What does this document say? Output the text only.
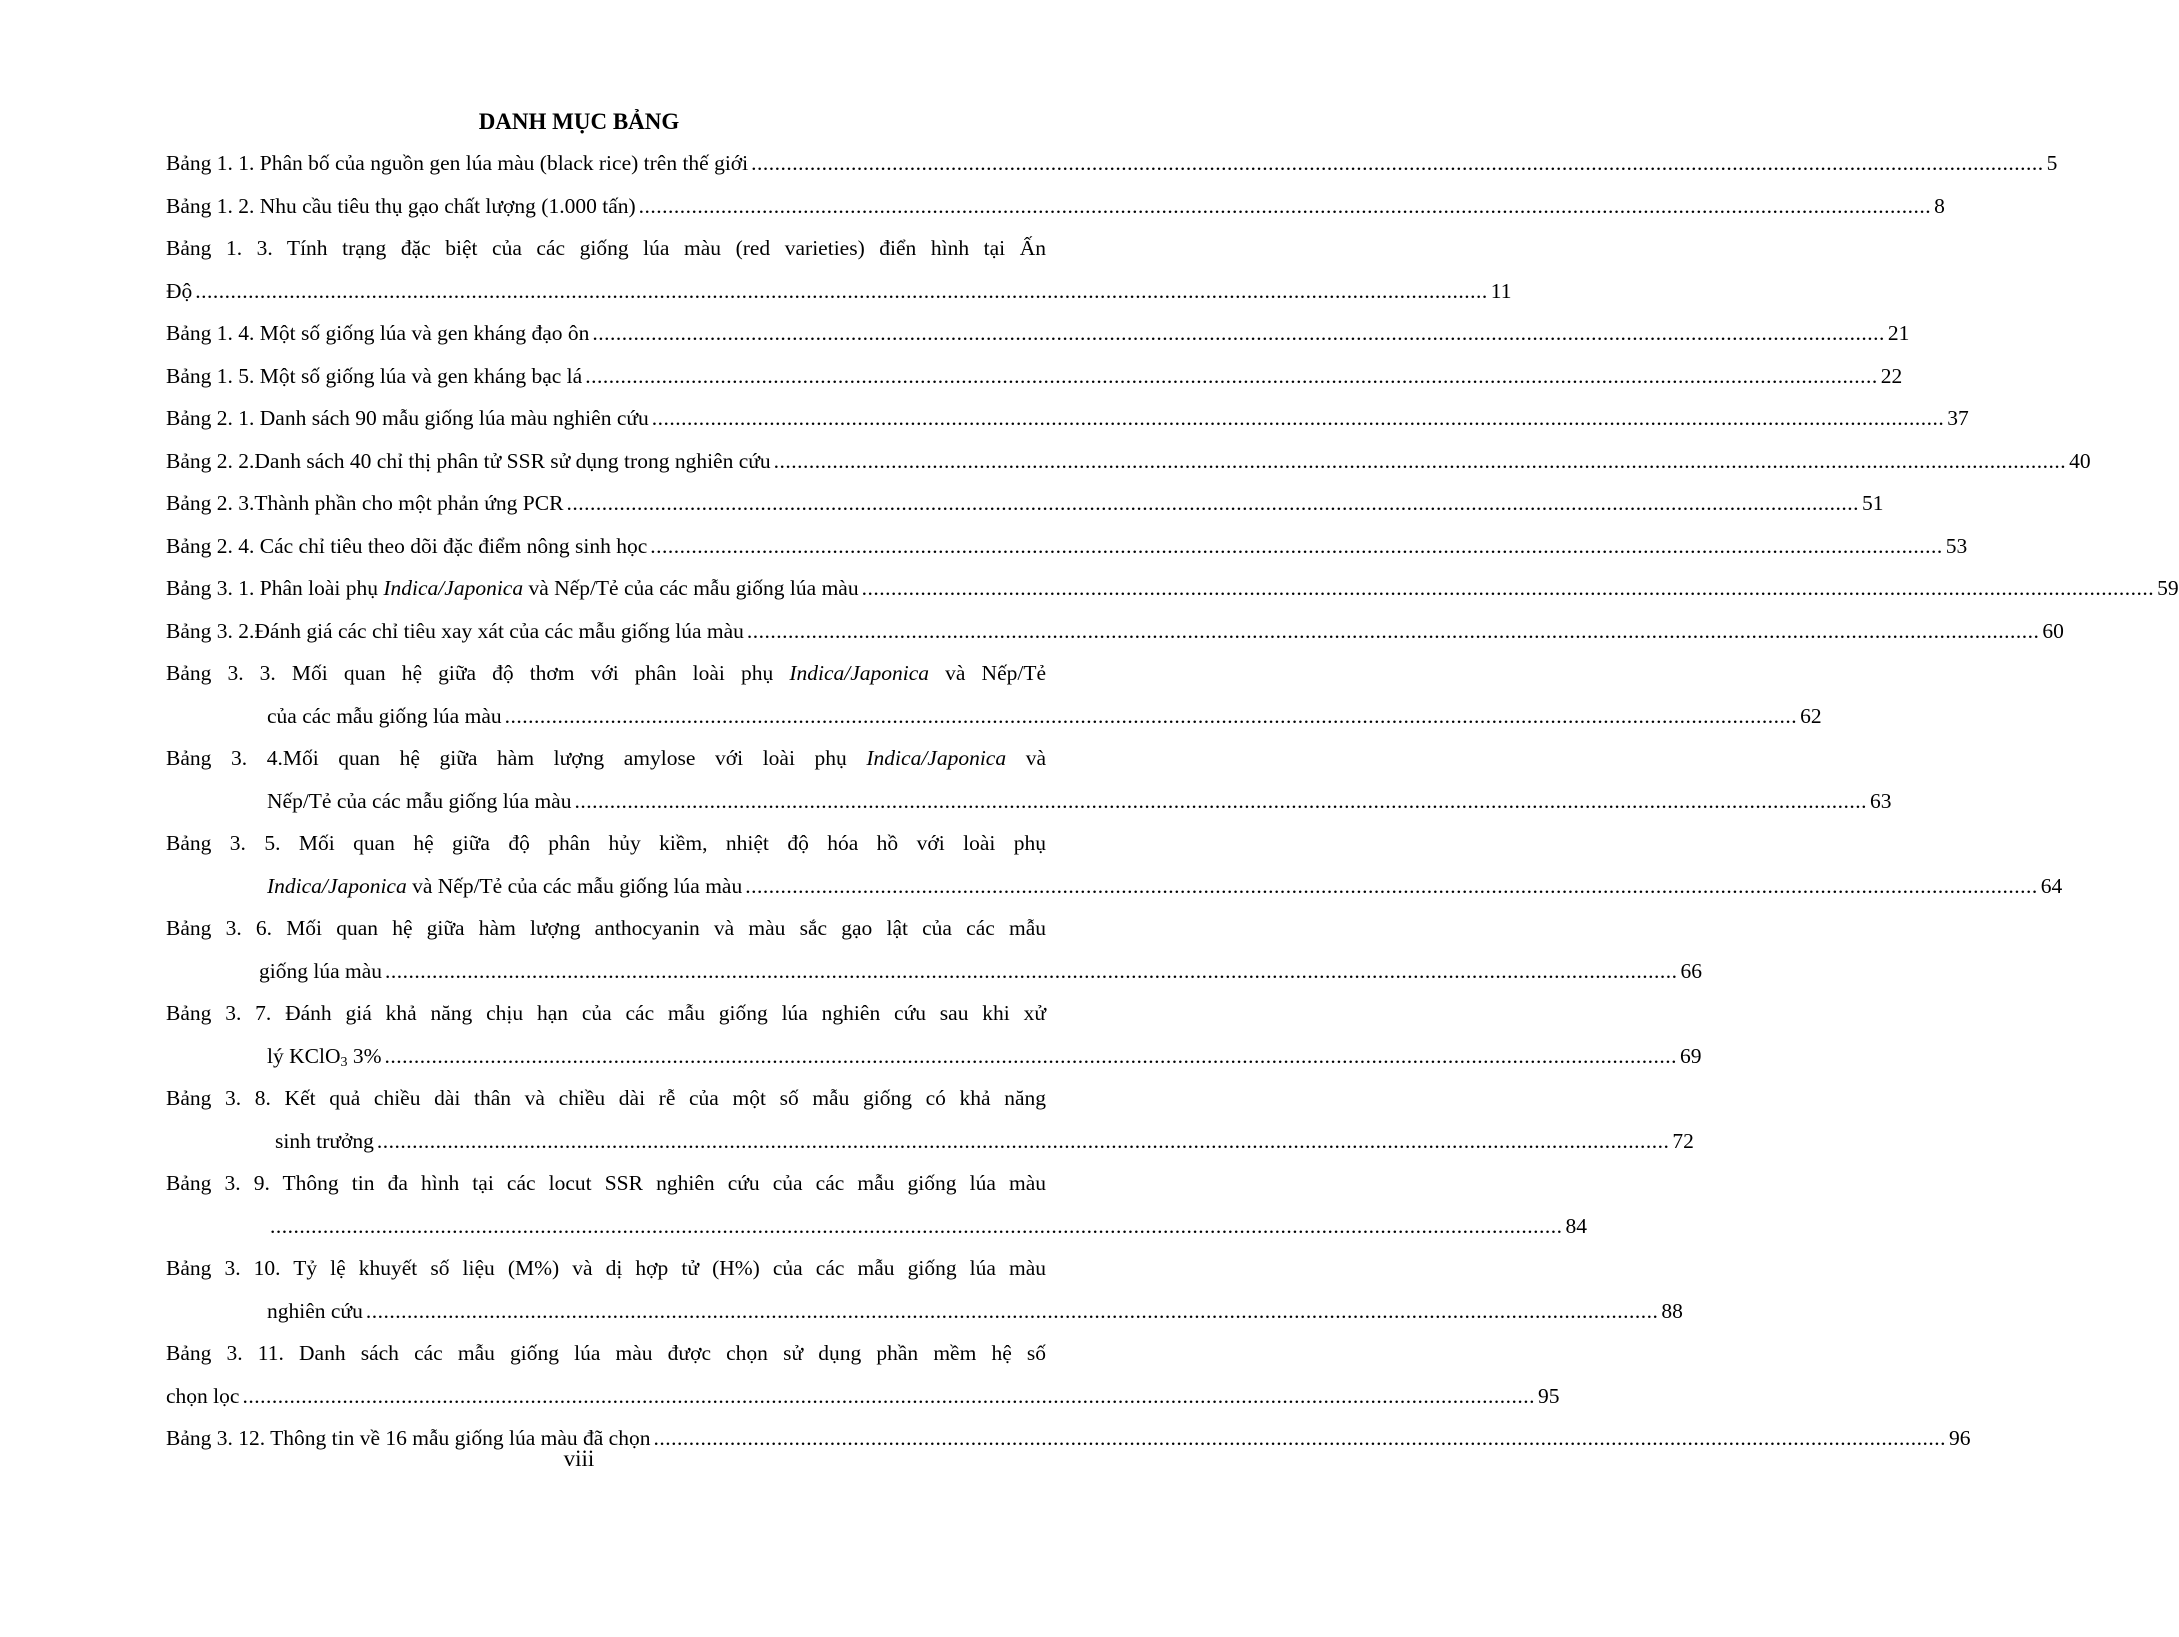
DANH MỤC BẢNG
Bảng 1. 1. Phân bố của nguồn gen lúa màu (black rice) trên thế giới ............................................................................................................................................................................................................................ 5
Bảng 1. 2. Nhu cầu tiêu thụ gạo chất lượng (1.000 tấn) ............................................................................................................................................................................................................................ 8
Bảng 1. 3. Tính trạng đặc biệt của các giống lúa màu (red varieties) điển hình tại Ấn
Độ ............................................................................................................................................................................................................................ 11
Bảng 1. 4. Một số giống lúa và gen kháng đạo ôn ............................................................................................................................................................................................................................ 21
Bảng 1. 5. Một số giống lúa và gen kháng bạc lá ............................................................................................................................................................................................................................ 22
Bảng 2. 1. Danh sách 90 mẫu giống lúa màu nghiên cứu ............................................................................................................................................................................................................................ 37
Bảng 2. 2.Danh sách 40 chỉ thị phân tử SSR sử dụng trong nghiên cứu ............................................................................................................................................................................................................................ 40
Bảng 2. 3.Thành phần cho một phản ứng PCR ............................................................................................................................................................................................................................ 51
Bảng 2. 4. Các chỉ tiêu theo dõi đặc điểm nông sinh học ............................................................................................................................................................................................................................ 53
Bảng 3. 1. Phân loài phụ Indica/Japonica và Nếp/Tẻ của các mẫu giống lúa màu ............................................................................................................................................................................................................................ 59
Bảng 3. 2.Đánh giá các chỉ tiêu xay xát của các mẫu giống lúa màu ............................................................................................................................................................................................................................ 60
Bảng 3. 3. Mối quan hệ giữa độ thơm với phân loài phụ Indica/Japonica và Nếp/Tẻ
của các mẫu giống lúa màu ............................................................................................................................................................................................................................ 62
Bảng 3. 4.Mối quan hệ giữa hàm lượng amylose với loài phụ Indica/Japonica và
Nếp/Tẻ của các mẫu giống lúa màu ............................................................................................................................................................................................................................ 63
Bảng 3. 5. Mối quan hệ giữa độ phân hủy kiềm, nhiệt độ hóa hồ với loài phụ
Indica/Japonica và Nếp/Tẻ của các mẫu giống lúa màu ............................................................................................................................................................................................................................ 64
Bảng 3. 6. Mối quan hệ giữa hàm lượng anthocyanin và màu sắc gạo lật của các mẫu
giống lúa màu ............................................................................................................................................................................................................................ 66
Bảng 3. 7. Đánh giá khả năng chịu hạn của các mẫu giống lúa nghiên cứu sau khi xử
lý KClO$_3$ 3% ............................................................................................................................................................................................................................ 69
Bảng 3. 8. Kết quả chiều dài thân và chiều dài rễ của một số mẫu giống có khả năng
sinh trưởng ............................................................................................................................................................................................................................ 72
Bảng 3. 9. Thông tin đa hình tại các locut SSR nghiên cứu của các mẫu giống lúa màu
............................................................................................................................................................................................................................ 84
Bảng 3. 10. Tỷ lệ khuyết số liệu (M%) và dị hợp tử (H%) của các mẫu giống lúa màu
nghiên cứu ............................................................................................................................................................................................................................ 88
Bảng 3. 11. Danh sách các mẫu giống lúa màu được chọn sử dụng phần mềm hệ số
chọn lọc ............................................................................................................................................................................................................................ 95
Bảng 3. 12. Thông tin về 16 mẫu giống lúa màu đã chọn ............................................................................................................................................................................................................................ 96
viii
